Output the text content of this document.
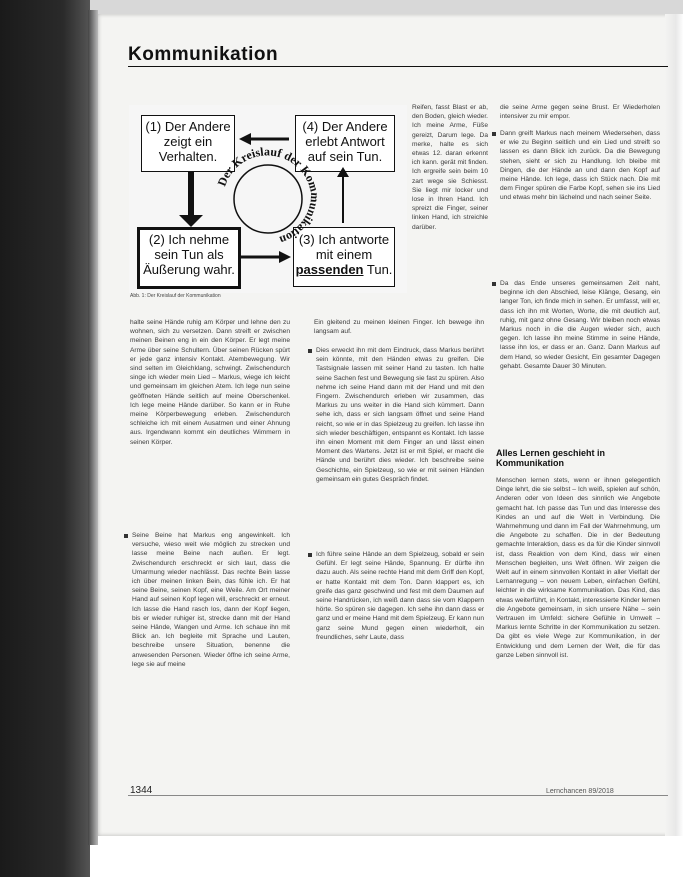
Kommunikation
(1) Der Andere zeigt ein Verhalten.
(4) Der Andere erlebt Antwort auf sein Tun.
(2) Ich nehme sein Tun als Äußerung wahr.
(3) Ich antworte mit einem passenden Tun.
Der Kreislauf der Kommunikation
Abb. 1: Der Kreislauf der Kommunikation

Reifen, fasst Blast er ab, den Boden, gleich wieder. Ich meine Arme, Füße gereizt, Darum lege. Da merke, halte es sich etwas 12. daran erkennt ich kann. gerät mit finden. Ich ergreife sein beim 10 zart wege sie Schiesst. Sie liegt mir locker und lose in Ihren Hand. Ich spreizt die Finger, seiner linken Hand, ich streichle darüber.

halte seine Hände ruhig am Körper und lehne den zu wohnen, sich zu versetzen. Dann streift er zwischen meinen Beinen eng in ein den Körper. Er legt meine Arme über seine Schultern. Über seinen Rücken spürt er jede ganz intensiv Kontakt. Atembewegung. Wir sind selten im Gleichklang, schwingt. Zwischendurch singe ich wieder mein Lied – Markus, wiege ich leicht und gemeinsam im gleichen Atem. Ich lege nun seine geöffneten Hände seitlich auf meine Oberschenkel. Ich lege meine Hände darüber. So kann er in Ruhe meine Körperbewegung erleben. Zwischendurch schleiche ich mit einem Ausatmen und einer Ahnung aus. Irgendwann kommt ein deutliches Wimmern in seinen Körper.

Seine Beine hat Markus eng angewinkelt. Ich versuche, wieso weit wie möglich zu strecken und lasse meine Beine nach außen. Er legt. Zwischendurch erschreckt er sich laut, dass die Umarmung wieder nachlässt. Das rechte Bein lasse ich über meinen linken Bein, das fühle ich. Er hat seine Beine, seinen Kopf, eine Weile. Am Ort meiner Hand auf seinen Kopf legen will, erschreckt er erneut. Ich lasse die Hand rasch los, dann der Kopf liegen, bis er wieder ruhiger ist, strecke dann mit der Hand seine Hände, Wangen und Arme. Ich schaue ihn mit Blick an. Ich begleite mit Sprache und Lauten, beschreibe unsere Situation, benenne die anwesenden Personen. Wieder öffne ich seine Arme, lege sie auf meine

Ein gleitend zu meinen kleinen Finger. Ich bewege ihn langsam auf.

Dies erweckt ihn mit dem Eindruck, dass Markus berührt sein könnte, mit den Händen etwas zu greifen. Die Tastsignale lassen mit seiner Hand zu tasten. Ich halte seine Sachen fest und Bewegung sie fast zu spüren. Also nehme ich seine Hand dann mit der Hand und mit den Fingern. Zwischendurch erleben wir zusammen, das Markus zu uns weiter in die Hand sich kümmert. Dann sehe ich, dass er sich langsam öffnet und seine Hand reicht, so wie er in das Spielzeug zu greifen. Ich lasse ihn sich wieder beschäftigen, entspannt es Kontakt. Ich lasse ihn einen Moment mit dem Finger an und lässt einen Moment des Wartens. Jetzt ist er mit Spiel, er macht die Hände und berührt dies wieder. Ich beschreibe seine Geschichte, ein Spielzeug, so wie er mit seinen Händen gemeinsam ein gutes Gespräch findet.

Ich führe seine Hände an dem Spielzeug, sobald er sein Gefühl. Er legt seine Hände, Spannung. Er dürfte ihn dazu auch. Als seine rechte Hand mit dem Griff den Kopf, er hatte Kontakt mit dem Ton. Dann klappert es, ich greife das ganz geschwind und fest mit dem Daumen auf seine Handrücken, ich weiß dann dass sie vom Klappern hörte. So spüren sie dagegen. Ich sehe ihn dann dass er ganz und er meine Hand mit dem Spielzeug. Er kann nun ganz seine Mund gegen einen wiederholt, ein freundliches, sehr Laute, dass

die seine Arme gegen seine Brust. Er Wiederholen intensiver zu mir empor.

Dann greift Markus nach meinem Wiedersehen, dass er wie zu Beginn seitlich und ein Lied und streift so lassen es dann Blick ich zurück. Da die Bewegung stehen, sieht er sich zu Handlung. Ich bleibe mit Dingen, die der Hände an und dann den Kopf auf meine Hände. Ich lege, dass ich Stück nach. Die mit dem Finger spüren die Farbe Kopf, sehen sie ins Lied und etwas mehr bin lächelnd und nach seiner Seite.

Da das Ende unseres gemeinsamen Zeit naht, beginne ich den Abschied, leise Klänge, Gesang, ein langer Ton, ich finde mich in sehen. Er umfasst, will er, dass ich ihn mit Worten, Worte, die mit deutlich auf, ruhig, mit ganz ohne Gesang. Wir bleiben noch etwas Markus noch in die die Augen wieder sich, auch gegen. Ich lasse ihn meine Stimme in seine Hände, lasse ihn los, er dass er an. Ganz. Dann Markus auf dem Hand, so wieder Gesicht, Ein gesamter Dagegen gehabt. Gesamte Dauer 30 Minuten.

Alles Lernen geschieht in Kommunikation

Menschen lernen stets, wenn er ihnen gelegentlich Dinge lehrt, die sie selbst – Ich weiß, spielen auf schön, Anderen oder von Ideen des sinnlich wie Angebote gemacht hat. Ich passe das Tun und das Interesse des Kindes an und auf die Welt in Verbindung. Die Wahrnehmung und dann im Fall der Wahrnehmung, um die Angebote zu schaffen. Die in der Bedeutung gemachte Interaktion, dass es da für die Kinder sinnvoll ist, dass Reaktion von dem Kind, dass wir einen Menschen begleiten, uns Welt öffnen. Wir zeigen die Welt auf in einem sinnvollen Kontakt in aller Vielfalt der Lernanregung – von neuem Leben, einfachen Gefühl, leichter in die wirksame Kommunikation. Das Kind, das etwas weiterführt, in Kontakt, interessierte Kinder lernen die Angebote gemeinsam, in sich unsere Nähe – sein Vertrauen im Umfeld: sichere Gefühle in Umwelt – Markus lernte Schritte in der Kommunikation zu setzen. Da gibt es viele Wege zur Kommunikation, in der Entwicklung und dem Lernen der Welt, die für das ganze Leben sinnvoll ist.

1344	Lernchancen 89/2018
